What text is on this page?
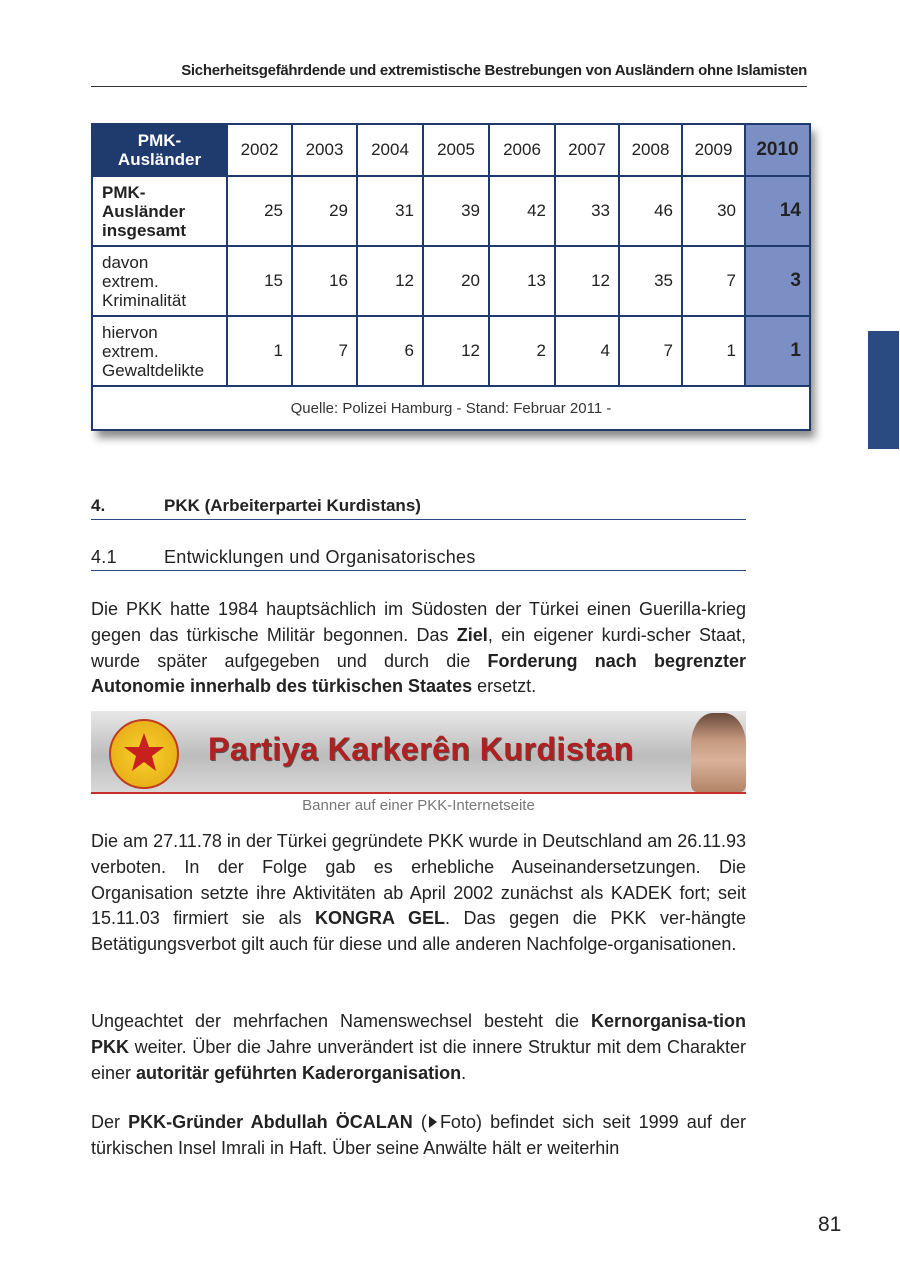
Sicherheitsgefährdende und extremistische Bestrebungen von Ausländern ohne Islamisten
PMK-
Ausländer	2002	2003	2004	2005	2006	2007	2008	2009	2010
PMK-
Ausländer
insgesamt	25	29	31	39	42	33	46	30	14
davon
extrem.
Kriminalität	15	16	12	20	13	12	35	7	3
hiervon
extrem.
Gewaltdelikte	1	7	6	12	2	4	7	1	1
Quelle: Polizei Hamburg - Stand: Februar 2011 -									
4.	PKK (Arbeiterpartei Kurdistans)
4.1	Entwicklungen und Organisatorisches
Die PKK hatte 1984 hauptsächlich im Südosten der Türkei einen Guerilla-krieg gegen das türkische Militär begonnen. Das Ziel, ein eigener kurdi-scher Staat, wurde später aufgegeben und durch die Forderung nach begrenzter Autonomie innerhalb des türkischen Staates ersetzt.
Partiya Karkerên Kurdistan
Banner auf einer PKK-Internetseite
Die am 27.11.78 in der Türkei gegründete PKK wurde in Deutschland am 26.11.93 verboten. In der Folge gab es erhebliche Auseinandersetzungen. Die Organisation setzte ihre Aktivitäten ab April 2002 zunächst als KADEK fort; seit 15.11.03 firmiert sie als KONGRA GEL. Das gegen die PKK ver-hängte Betätigungsverbot gilt auch für diese und alle anderen Nachfolge-organisationen.
Ungeachtet der mehrfachen Namenswechsel besteht die Kernorganisa-tion PKK weiter. Über die Jahre unverändert ist die innere Struktur mit dem Charakter einer autoritär geführten Kaderorganisation.
Der PKK-Gründer Abdullah ÖCALAN ( Foto) befindet sich seit 1999 auf der türkischen Insel Imrali in Haft. Über seine Anwälte hält er weiterhin
81
